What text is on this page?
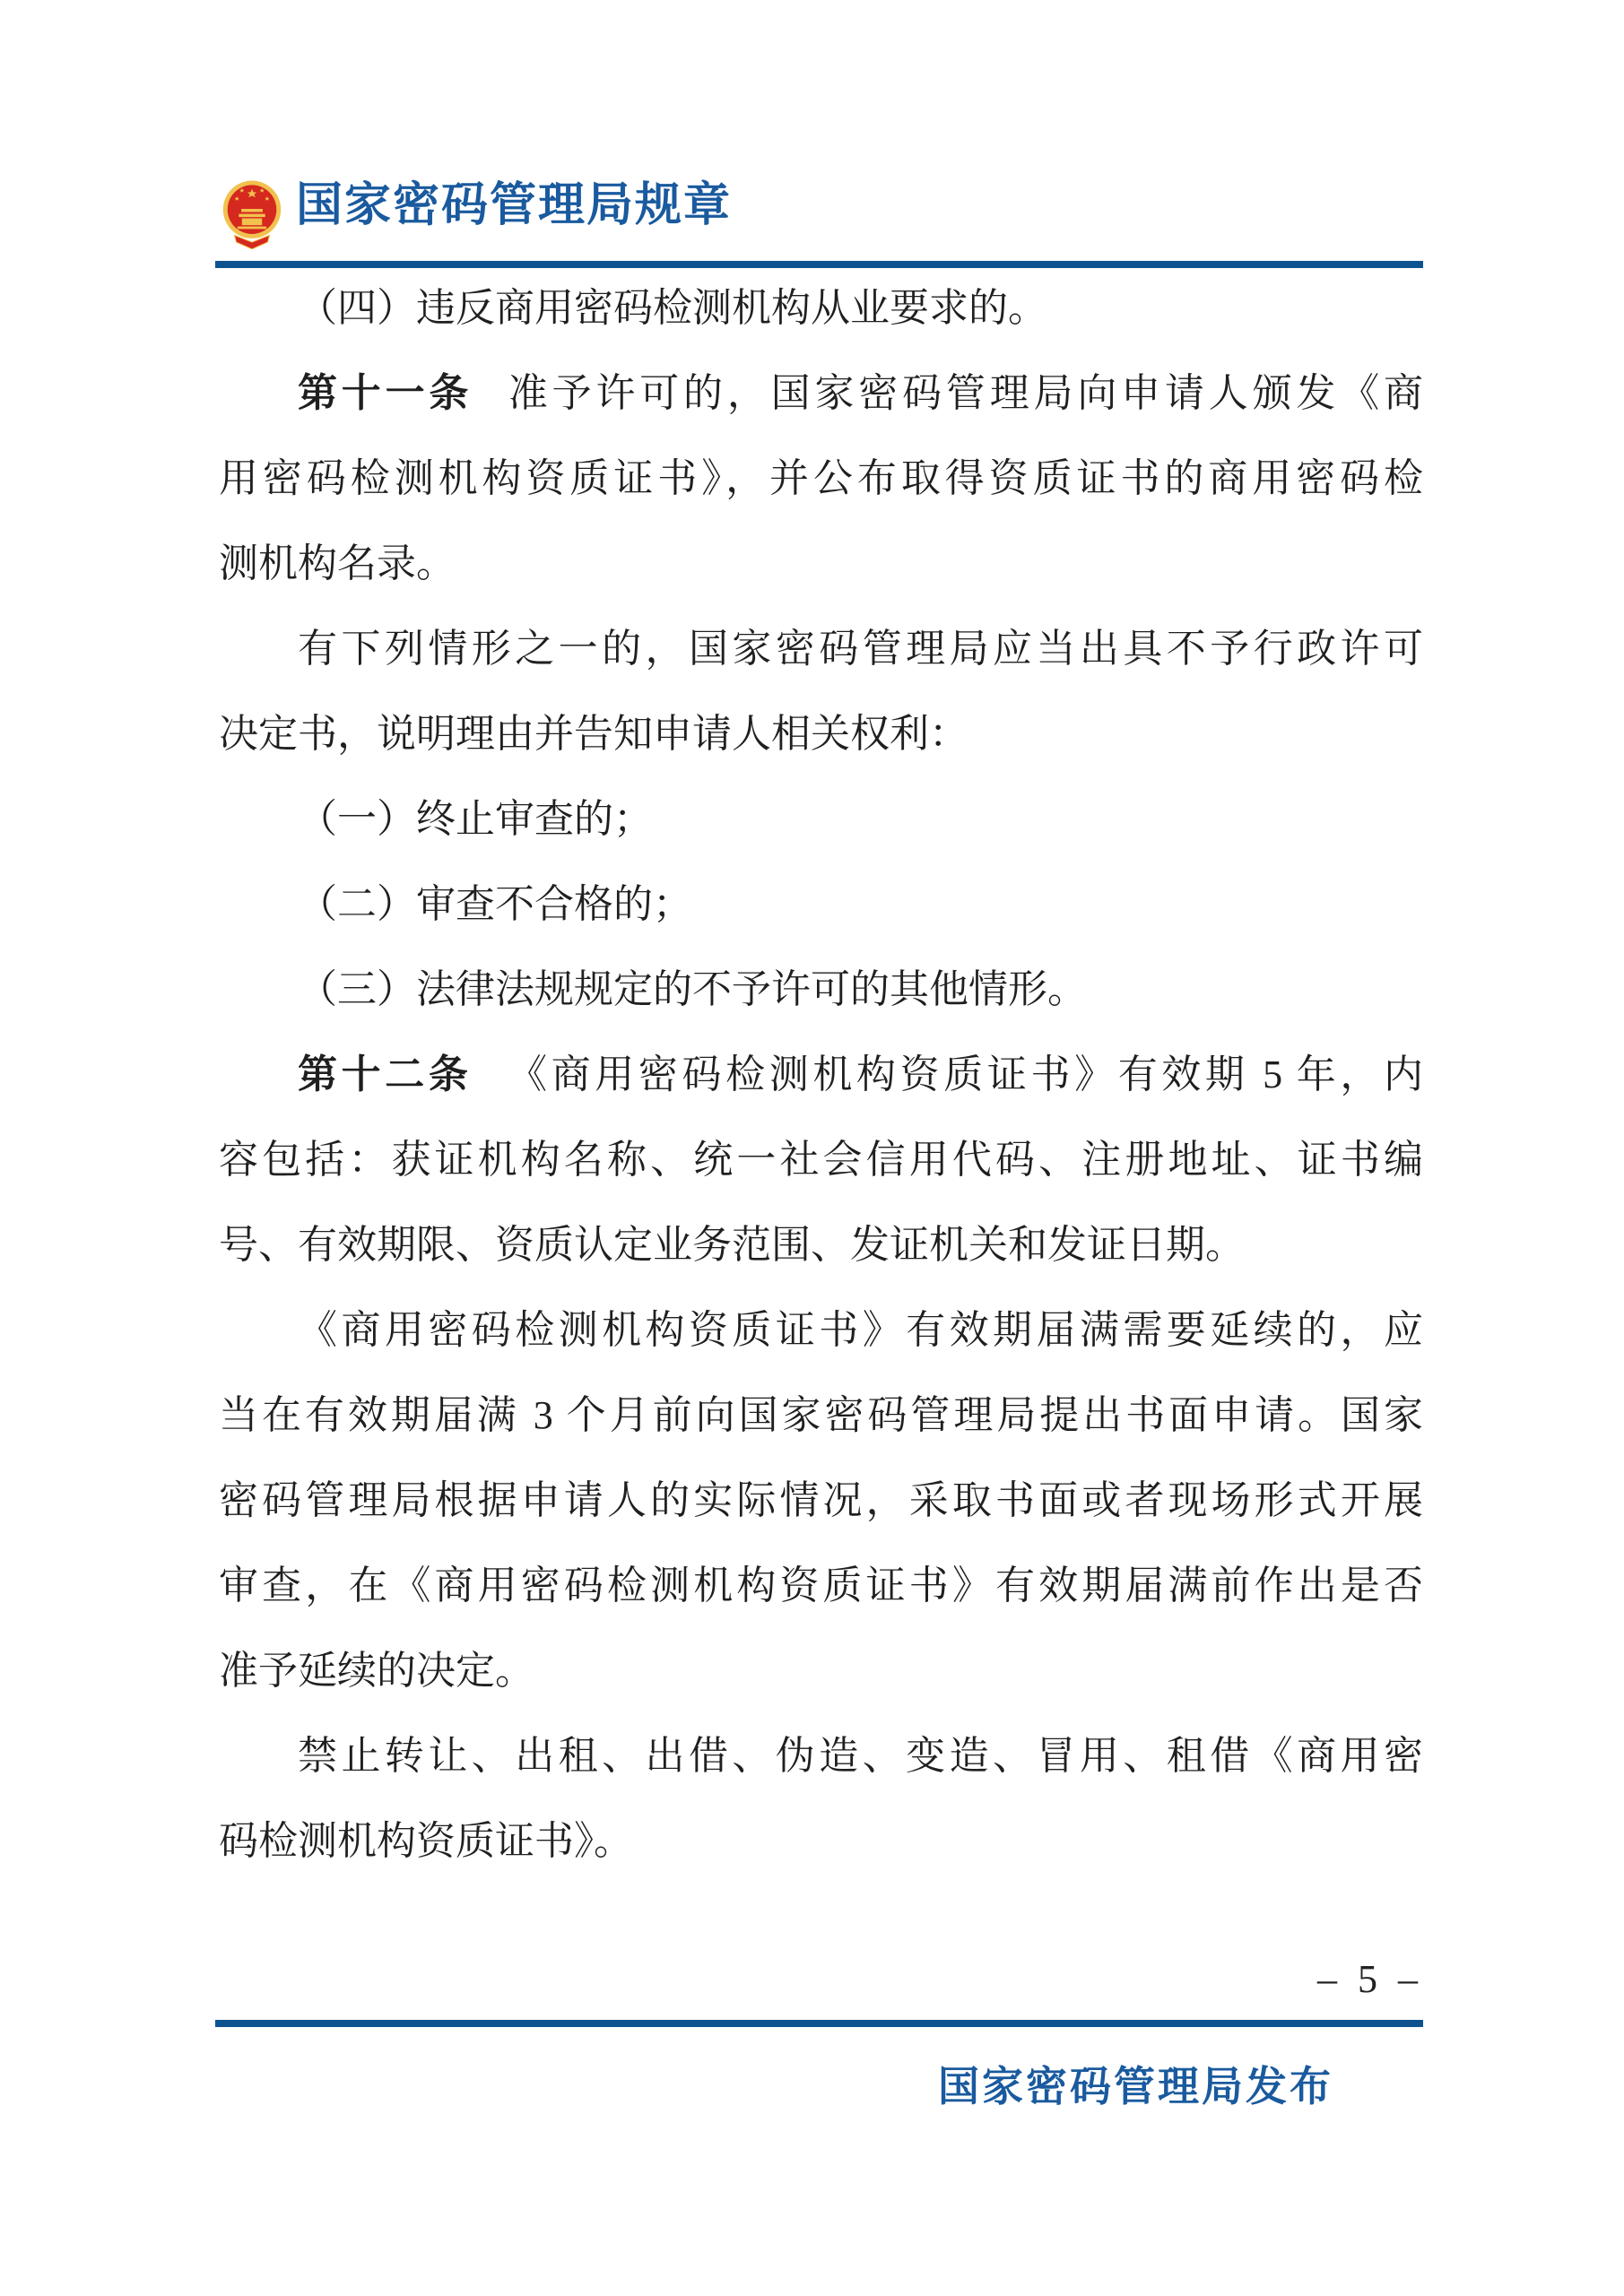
国家密码管理局规章
（四）违反商用密码检测机构从业要求的。
第十一条 准予许可的，国家密码管理局向申请人颁发《商
用密码检测机构资质证书》，并公布取得资质证书的商用密码检
测机构名录。
有下列情形之一的，国家密码管理局应当出具不予行政许可
决定书，说明理由并告知申请人相关权利：
（一）终止审查的；
（二）审查不合格的；
（三）法律法规规定的不予许可的其他情形。
第十二条 《商用密码检测机构资质证书》有效期 5 年，内
容包括：获证机构名称、统一社会信用代码、注册地址、证书编
号、有效期限、资质认定业务范围、发证机关和发证日期。
《商用密码检测机构资质证书》有效期届满需要延续的，应
当在有效期届满 3 个月前向国家密码管理局提出书面申请。国家
密码管理局根据申请人的实际情况，采取书面或者现场形式开展
审查，在《商用密码检测机构资质证书》有效期届满前作出是否
准予延续的决定。
禁止转让、出租、出借、伪造、变造、冒用、租借《商用密
码检测机构资质证书》。
– 5 –
国家密码管理局发布
